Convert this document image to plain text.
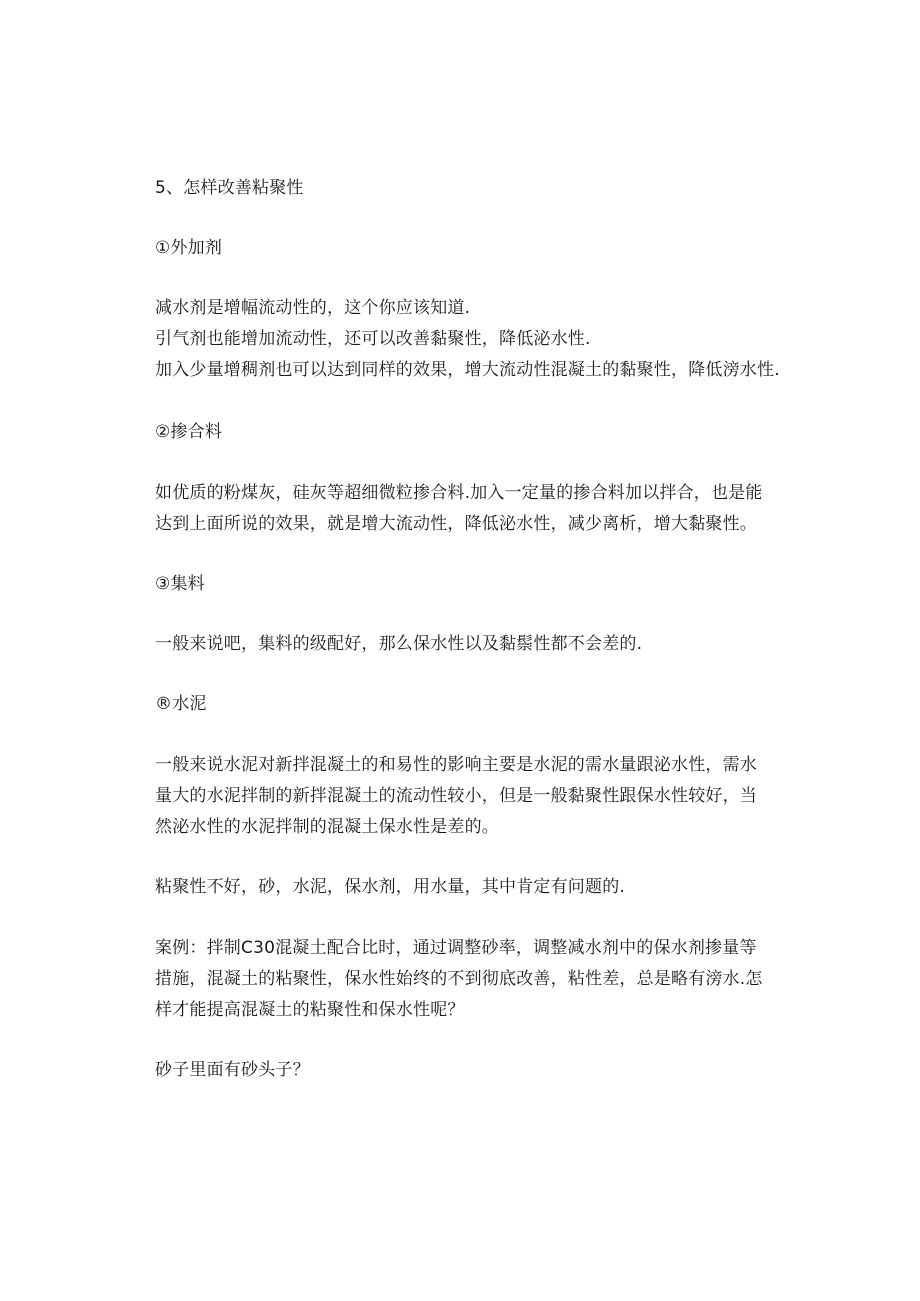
5、怎样改善粘聚性
①外加剂
减水剂是增幅流动性的，这个你应该知道.
引气剂也能增加流动性，还可以改善黏聚性，降低泌水性.
加入少量增稠剂也可以达到同样的效果，增大流动性混凝土的黏聚性，降低滂水性.
②掺合料
如优质的粉煤灰，硅灰等超细微粒掺合料.加入一定量的掺合料加以拌合，也是能
达到上面所说的效果，就是增大流动性，降低泌水性，减少离析，增大黏聚性。
③集料
一般来说吧，集料的级配好，那么保水性以及黏鬃性都不会差的.
®水泥
一般来说水泥对新拌混凝土的和易性的影响主要是水泥的需水量跟泌水性，需水
量大的水泥拌制的新拌混凝土的流动性较小，但是一般黏聚性跟保水性较好，当
然泌水性的水泥拌制的混凝土保水性是差的。
粘聚性不好，砂，水泥，保水剂，用水量，其中肯定有问题的.
案例：拌制C30混凝土配合比时，通过调整砂率，调整减水剂中的保水剂掺量等
措施，混凝土的粘聚性，保水性始终的不到彻底改善，粘性差，总是略有滂水.怎
样才能提高混凝土的粘聚性和保水性呢？
砂子里面有砂头子？
